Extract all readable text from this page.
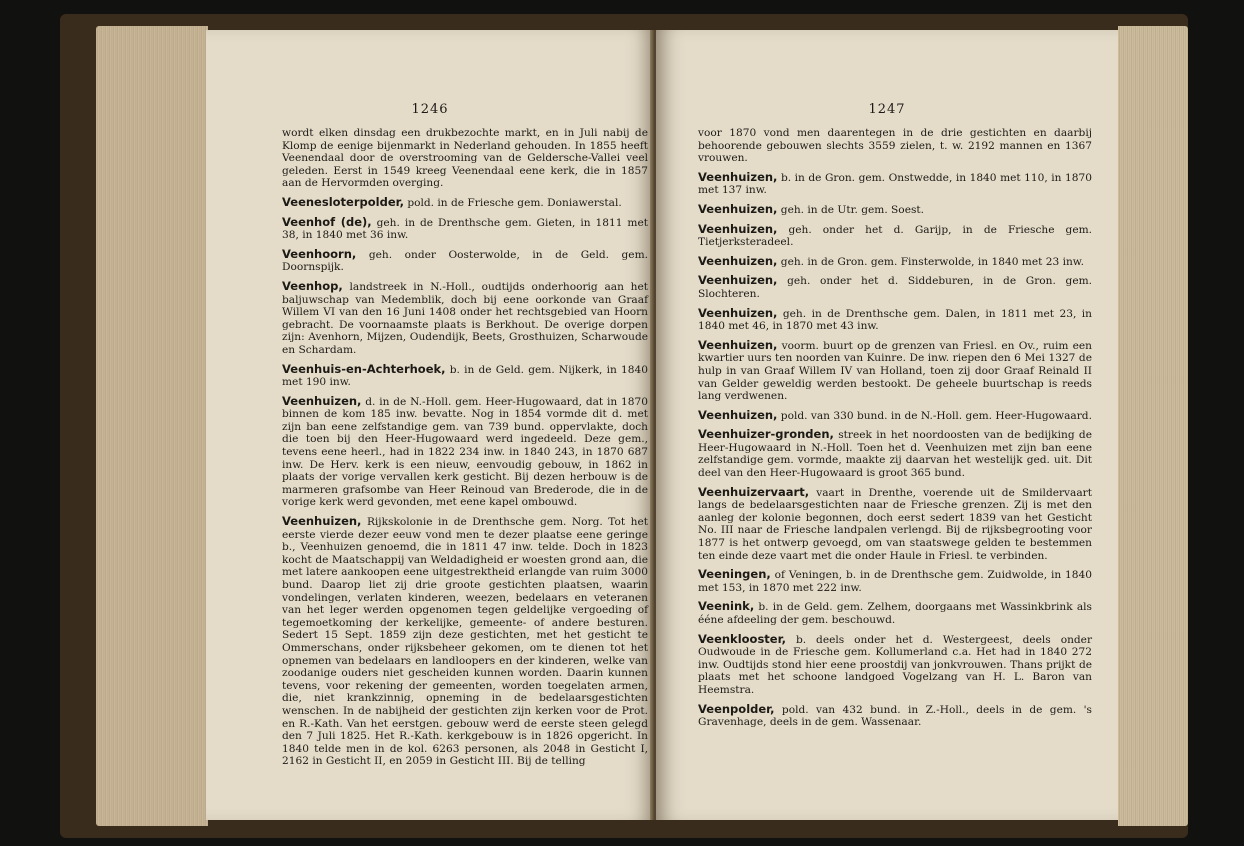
1246

wordt elken dinsdag een drukbezochte markt, en in Juli nabij de Klomp de eenige bijenmarkt in Nederland gehouden. In 1855 heeft Veenendaal door de overstrooming van de Geldersche-Vallei veel geleden. Eerst in 1549 kreeg Veenendaal eene kerk, die in 1857 aan de Hervormden overging.

Veenesloterpolder, pold. in de Friesche gem. Doniawerstal.

Veenhof (de), geh. in de Drenthsche gem. Gieten, in 1811 met 38, in 1840 met 36 inw.

Veenhoorn, geh. onder Oosterwolde, in de Geld. gem. Doornspijk.

Veenhop, landstreek in N.-Holl., oudtijds onderhoorig aan het baljuwschap van Medemblik, doch bij eene oorkonde van Graaf Willem VI van den 16 Juni 1408 onder het rechtsgebied van Hoorn gebracht. De voornaamste plaats is Berkhout. De overige dorpen zijn: Avenhorn, Mijzen, Oudendijk, Beets, Grosthuizen, Scharwoude en Schardam.

Veenhuis-en-Achterhoek, b. in de Geld. gem. Nijkerk, in 1840 met 190 inw.

Veenhuizen, d. in de N.-Holl. gem. Heer-Hugowaard, dat in 1870 binnen de kom 185 inw. bevatte. Nog in 1854 vormde dit d. met zijn ban eene zelfstandige gem. van 739 bund. oppervlakte, doch die toen bij den Heer-Hugowaard werd ingedeeld. Deze gem., tevens eene heerl., had in 1822 234 inw. in 1840 243, in 1870 687 inw. De Herv. kerk is een nieuw, eenvoudig gebouw, in 1862 in plaats der vorige vervallen kerk gesticht. Bij dezen herbouw is de marmeren grafsombe van Heer Reinoud van Brederode, die in de vorige kerk werd gevonden, met eene kapel ombouwd.

Veenhuizen, Rijkskolonie in de Drenthsche gem. Norg. Tot het eerste vierde dezer eeuw vond men te dezer plaatse eene geringe b., Veenhuizen genoemd, die in 1811 47 inw. telde. Doch in 1823 kocht de Maatschappij van Weldadigheid er woesten grond aan, die met latere aankoopen eene uitgestrektheid erlangde van ruim 3000 bund. Daarop liet zij drie groote gestichten plaatsen, waarin vondelingen, verlaten kinderen, weezen, bedelaars en veteranen van het leger werden opgenomen tegen geldelijke vergoeding of tegemoetkoming der kerkelijke, gemeente- of andere besturen. Sedert 15 Sept. 1859 zijn deze gestichten, met het gesticht te Ommerschans, onder rijksbeheer gekomen, om te dienen tot het opnemen van bedelaars en landloopers en der kinderen, welke van zoodanige ouders niet gescheiden kunnen worden. Daarin kunnen tevens, voor rekening der gemeenten, worden toegelaten armen, die, niet krankzinnig, opneming in de bedelaarsgestichten wenschen. In de nabijheid der gestichten zijn kerken voor de Prot. en R.-Kath. Van het eerstgen. gebouw werd de eerste steen gelegd den 7 Juli 1825. Het R.-Kath. kerkgebouw is in 1826 opgericht. In 1840 telde men in de kol. 6263 personen, als 2048 in Gesticht I, 2162 in Gesticht II, en 2059 in Gesticht III. Bij de telling

1247

voor 1870 vond men daarentegen in de drie gestichten en daarbij behoorende gebouwen slechts 3559 zielen, t. w. 2192 mannen en 1367 vrouwen.

Veenhuizen, b. in de Gron. gem. Onstwedde, in 1840 met 110, in 1870 met 137 inw.

Veenhuizen, geh. in de Utr. gem. Soest.

Veenhuizen, geh. onder het d. Garijp, in de Friesche gem. Tietjerksteradeel.

Veenhuizen, geh. in de Gron. gem. Finsterwolde, in 1840 met 23 inw.

Veenhuizen, geh. onder het d. Siddeburen, in de Gron. gem. Slochteren.

Veenhuizen, geh. in de Drenthsche gem. Dalen, in 1811 met 23, in 1840 met 46, in 1870 met 43 inw.

Veenhuizen, voorm. buurt op de grenzen van Friesl. en Ov., ruim een kwartier uurs ten noorden van Kuinre. De inw. riepen den 6 Mei 1327 de hulp in van Graaf Willem IV van Holland, toen zij door Graaf Reinald II van Gelder geweldig werden bestookt. De geheele buurtschap is reeds lang verdwenen.

Veenhuizen, pold. van 330 bund. in de N.-Holl. gem. Heer-Hugowaard.

Veenhuizer-gronden, streek in het noordoosten van de bedijking de Heer-Hugowaard in N.-Holl. Toen het d. Veenhuizen met zijn ban eene zelfstandige gem. vormde, maakte zij daarvan het westelijk ged. uit. Dit deel van den Heer-Hugowaard is groot 365 bund.

Veenhuizervaart, vaart in Drenthe, voerende uit de Smildervaart langs de bedelaarsgestichten naar de Friesche grenzen. Zij is met den aanleg der kolonie begonnen, doch eerst sedert 1839 van het Gesticht No. III naar de Friesche landpalen verlengd. Bij de rijksbegrooting voor 1877 is het ontwerp gevoegd, om van staatswege gelden te bestemmen ten einde deze vaart met die onder Haule in Friesl. te verbinden.

Veeningen, of Veningen, b. in de Drenthsche gem. Zuidwolde, in 1840 met 153, in 1870 met 222 inw.

Veenink, b. in de Geld. gem. Zelhem, doorgaans met Wassinkbrink als ééne afdeeling der gem. beschouwd.

Veenklooster, b. deels onder het d. Westergeest, deels onder Oudwoude in de Friesche gem. Kollumerland c.a. Het had in 1840 272 inw. Oudtijds stond hier eene proostdij van jonkvrouwen. Thans prijkt de plaats met het schoone landgoed Vogelzang van H. L. Baron van Heemstra.

Veenpolder, pold. van 432 bund. in Z.-Holl., deels in de gem. 's Gravenhage, deels in de gem. Wassenaar.
